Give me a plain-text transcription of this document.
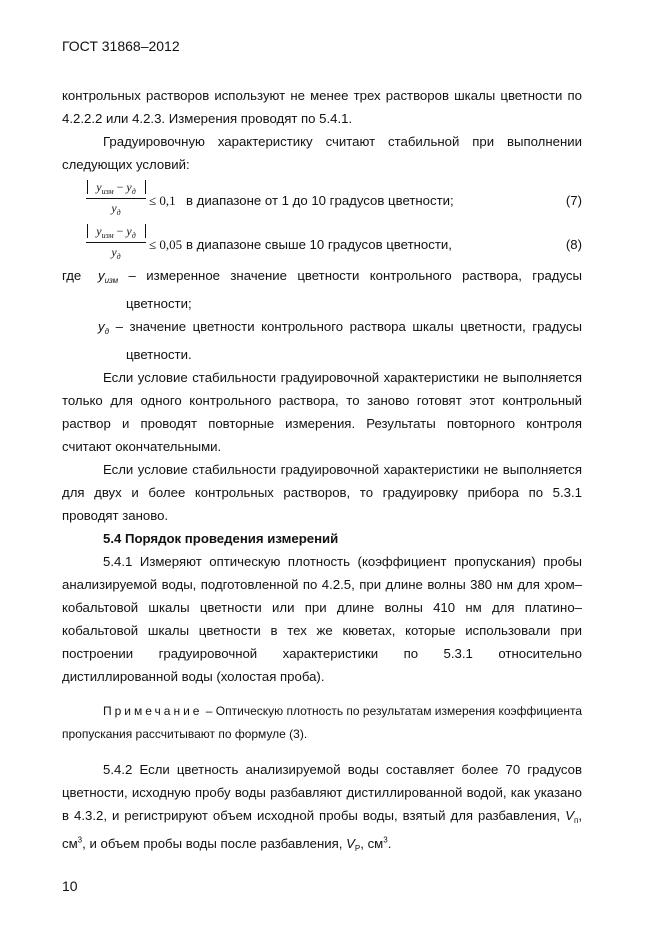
ГОСТ 31868–2012

контрольных растворов используют не менее трех растворов шкалы цветности по 4.2.2.2 или 4.2.3. Измерения проводят по 5.4.1.

Градуировочную характеристику считают стабильной при выполнении следующих условий:

$y_{изм} - y_д$
$y_д$
≤ 0,1 в диапазоне от 1 до 10 градусов цветности;	(7)
$y_{изм} - y_д$
$y_д$
≤ 0,05 в диапазоне свыше 10 градусов цветности,	(8)
где $y_{изм}$ – измеренное значение цветности контрольного раствора, градусы цветности;

$y_д$ – значение цветности контрольного раствора шкалы цветности, градусы цветности.

Если условие стабильности градуировочной характеристики не выполняется только для одного контрольного раствора, то заново готовят этот контрольный раствор и проводят повторные измерения. Результаты повторного контроля считают окончательными.

Если условие стабильности градуировочной характеристики не выполняется для двух и более контрольных растворов, то градуировку прибора по 5.3.1 проводят заново.

5.4 Порядок проведения измерений

5.4.1 Измеряют оптическую плотность (коэффициент пропускания) пробы анализируемой воды, подготовленной по 4.2.5, при длине волны 380 нм для хром–кобальтовой шкалы цветности или при длине волны 410 нм для платино–кобальтовой шкалы цветности в тех же кюветах, которые использовали при построении градуировочной характеристики по 5.3.1 относительно дистиллированной воды (холостая проба).

Примечание – Оптическую плотность по результатам измерения коэффициента пропускания рассчитывают по формуле (3).

5.4.2 Если цветность анализируемой воды составляет более 70 градусов цветности, исходную пробу воды разбавляют дистиллированной водой, как указано в 4.3.2, и регистрируют объем исходной пробы воды, взятый для разбавления, $V_п$, $см^3$, и объем пробы воды после разбавления, $V_Р$, $см^3$.

10
